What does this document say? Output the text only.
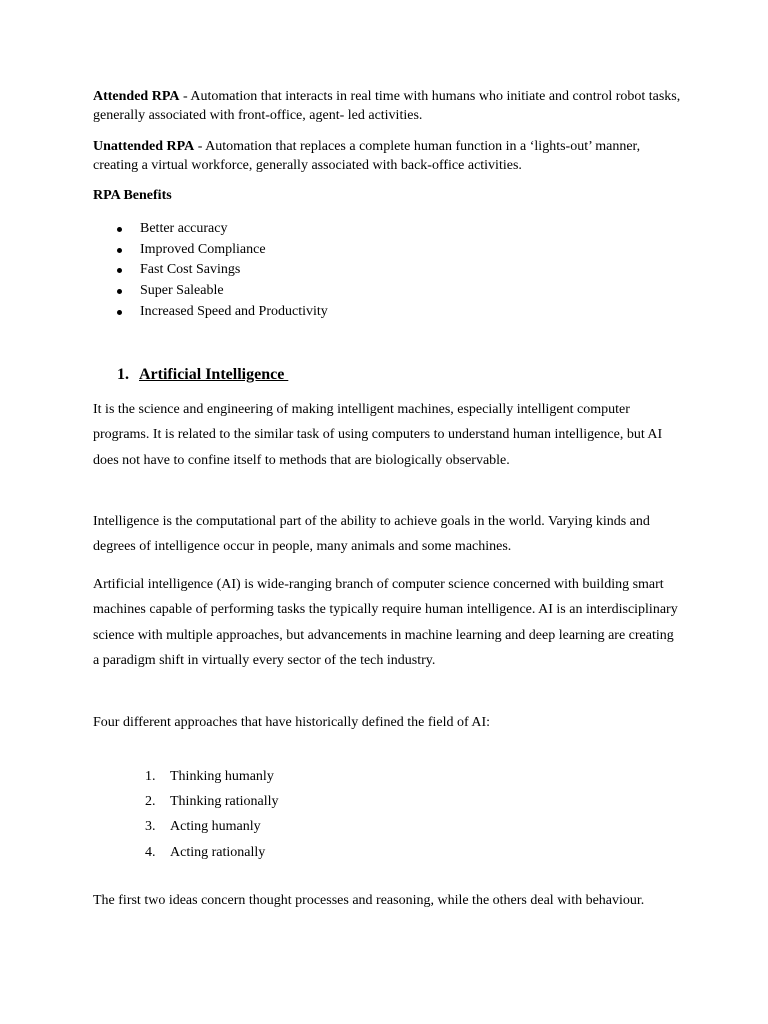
Attended RPA - Automation that interacts in real time with humans who initiate and control robot tasks, generally associated with front-office, agent- led activities.

Unattended RPA - Automation that replaces a complete human function in a ‘lights-out’ manner, creating a virtual workforce, generally associated with back-office activities.

RPA Benefits

Better accuracy
Improved Compliance
Fast Cost Savings
Super Saleable
Increased Speed and Productivity
1. Artificial Intelligence

It is the science and engineering of making intelligent machines, especially intelligent computer programs. It is related to the similar task of using computers to understand human intelligence, but AI does not have to confine itself to methods that are biologically observable.

Intelligence is the computational part of the ability to achieve goals in the world. Varying kinds and degrees of intelligence occur in people, many animals and some machines.

Artificial intelligence (AI) is wide-ranging branch of computer science concerned with building smart machines capable of performing tasks the typically require human intelligence. AI is an interdisciplinary science with multiple approaches, but advancements in machine learning and deep learning are creating a paradigm shift in virtually every sector of the tech industry.

Four different approaches that have historically defined the field of AI:

1. Thinking humanly
2. Thinking rationally
3. Acting humanly
4. Acting rationally

The first two ideas concern thought processes and reasoning, while the others deal with behaviour.
